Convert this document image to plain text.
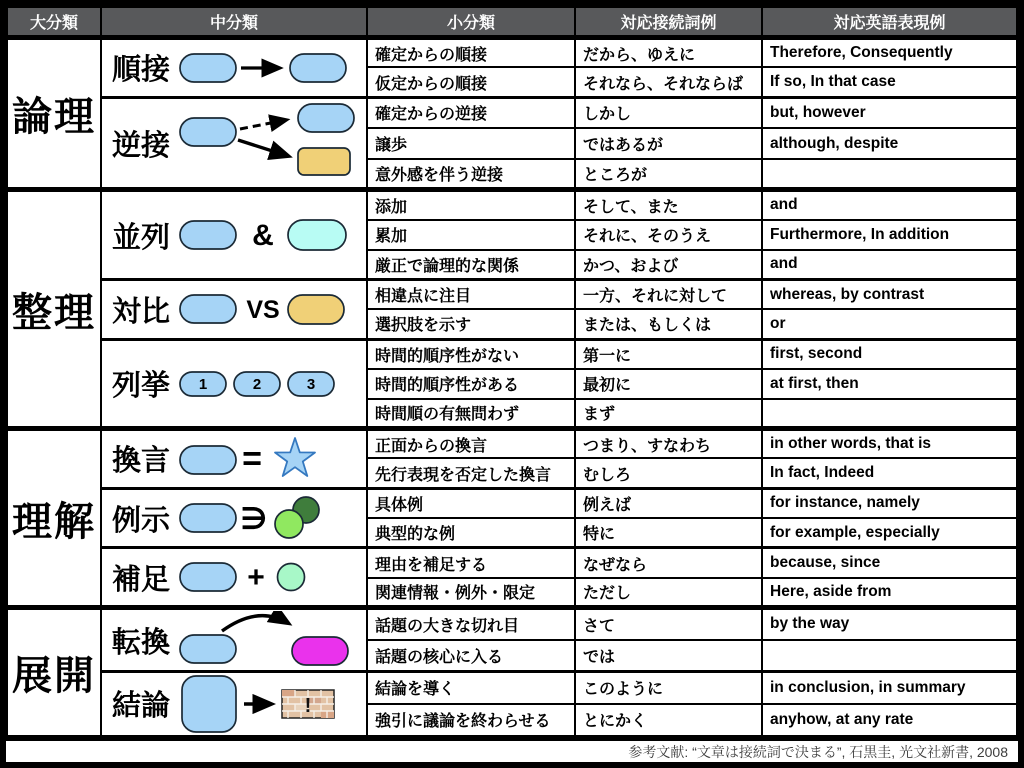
大分類	中分類	小分類	対応接続詞例	対応英語表現例
論理	順接	確定からの順接	だから、ゆえに	Therefore, Consequently
		仮定からの順接	それなら、それならば	If so, In that case

	逆接	確定からの逆接	しかし	but, however
		譲歩	ではあるが	although, despite
		意外感を伴う逆接	ところが	
整理	並列 &	添加	そして、また	and
		累加	それに、そのうえ	Furthermore, In addition
		厳正で論理的な関係	かつ、および	and

	対比 VS	相違点に注目	一方、それに対して	whereas, by contrast
		選択肢を示す	または、もしくは	or

	列挙 1 2 3	時間的順序性がない	第一に	first, second
		時間的順序性がある	最初に	at first, then
		時間順の有無問わず	まず	
理解	換言 =	正面からの換言	つまり、すなわち	in other words, that is
		先行表現を否定した換言	むしろ	In fact, Indeed

	例示 ∋	具体例	例えば	for instance, namely
		典型的な例	特に	for example, especially

	補足 +	理由を補足する	なぜなら	because, since
		関連情報・例外・限定	ただし	Here, aside from
展開	転換	話題の大きな切れ目	さて	by the way
		話題の核心に入る	では	

	結論 !	結論を導く	このように	in conclusion, in summary
		強引に議論を終わらせる	とにかく	anyhow, at any rate
参考文献: “文章は接続詞で決まる”, 石黒圭, 光文社新書, 2008
